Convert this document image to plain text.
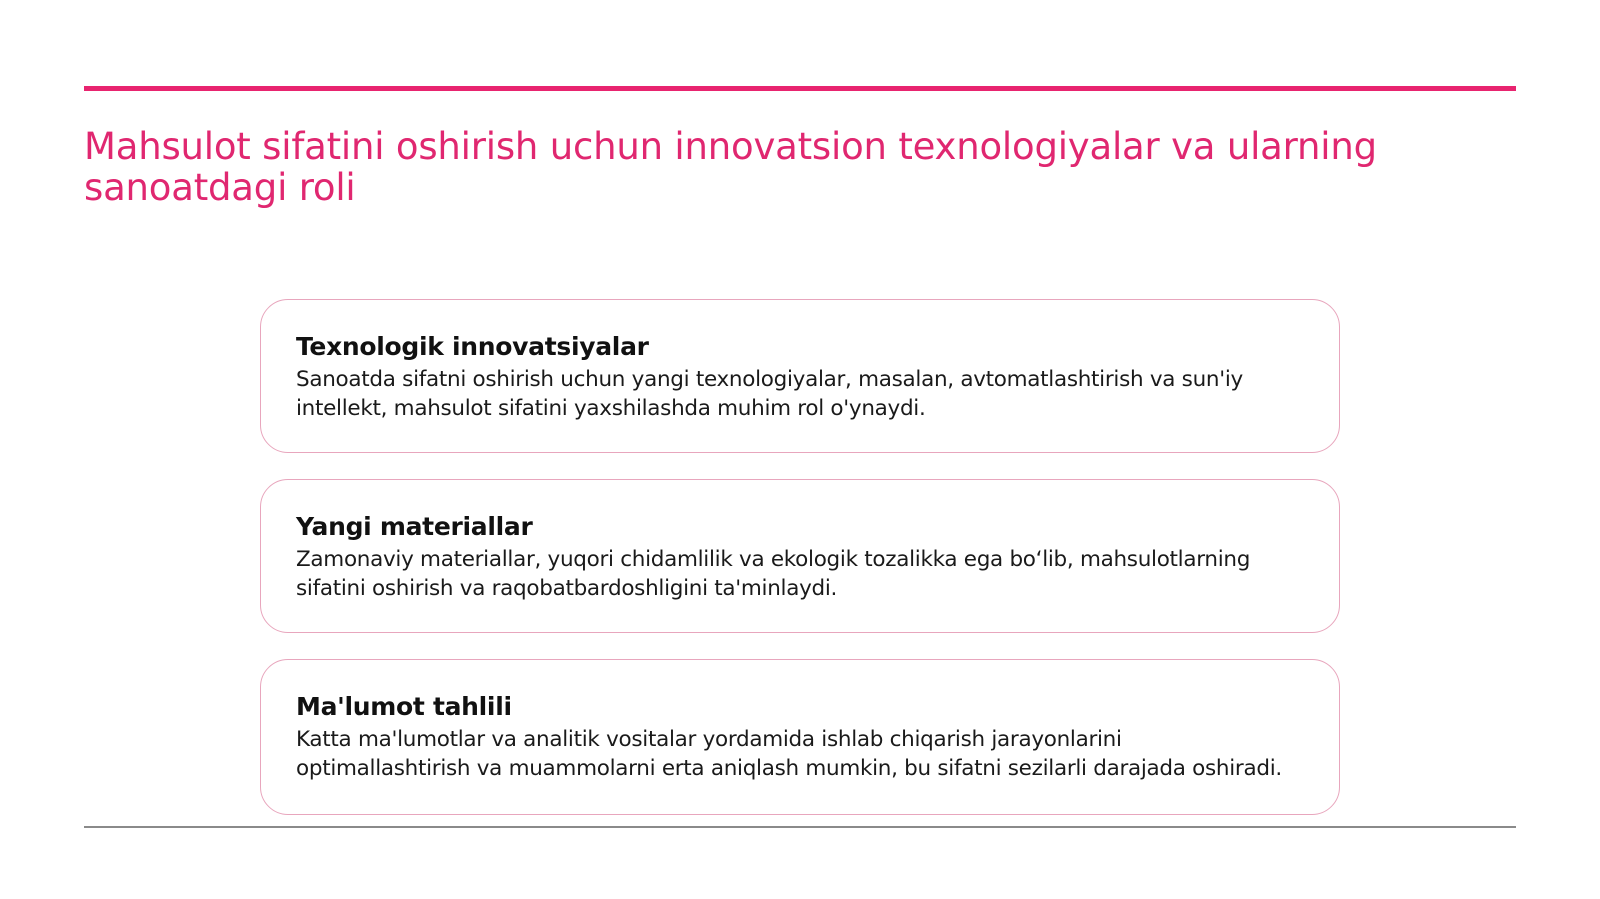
Mahsulot sifatini oshirish uchun innovatsion texnologiyalar va ularning sanoatdagi roli
Texnologik innovatsiyalar

Sanoatda sifatni oshirish uchun yangi texnologiyalar, masalan, avtomatlashtirish va sun'iy intellekt, mahsulot sifatini yaxshilashda muhim rol o'ynaydi.

Yangi materiallar

Zamonaviy materiallar, yuqori chidamlilik va ekologik tozalikka ega bo‘lib, mahsulotlarning sifatini oshirish va raqobatbardoshligini ta'minlaydi.

Ma'lumot tahlili

Katta ma'lumotlar va analitik vositalar yordamida ishlab chiqarish jarayonlarini optimallashtirish va muammolarni erta aniqlash mumkin, bu sifatni sezilarli darajada oshiradi.
